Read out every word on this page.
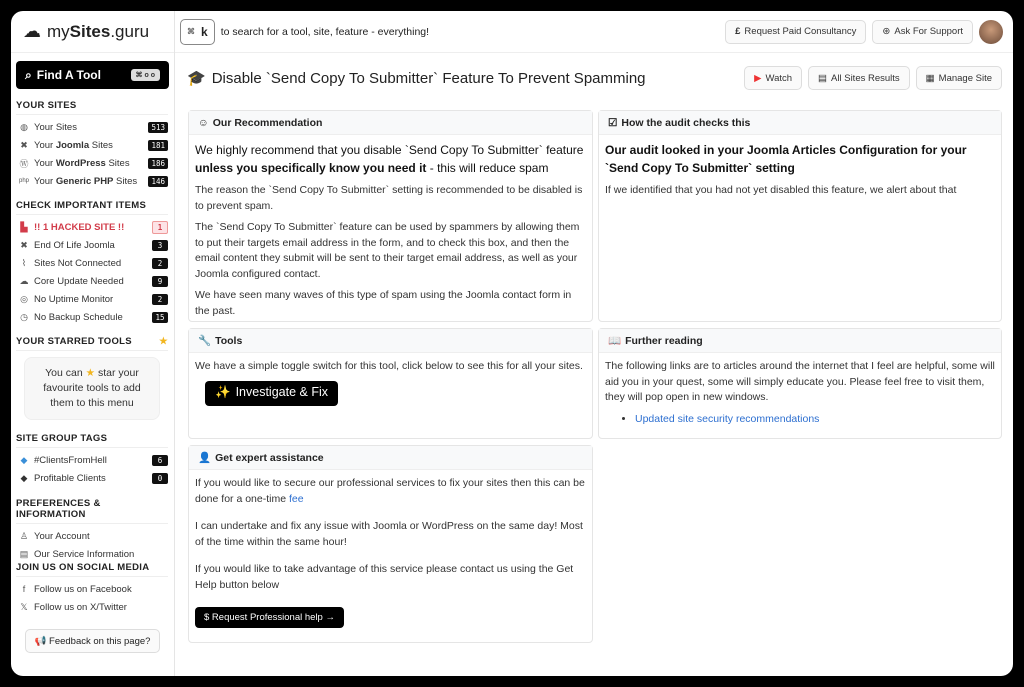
☁ mySites.guru
⌕ Find A Tool	⌘ o o
YOUR SITES
◍ Your Sites	513
✖ Your Joomla Sites	181
Ⓦ Your WordPress Sites	186
php Your Generic PHP Sites	146
CHECK IMPORTANT ITEMS
▙ !! 1 HACKED SITE !!	1
✖ End Of Life Joomla	3
⌇ Sites Not Connected	2
☁ Core Update Needed	9
◎ No Uptime Monitor	2
◷ No Backup Schedule	15
YOUR STARRED TOOLS	★
You can ★ star your favourite tools to add them to this menu
SITE GROUP TAGS
◆ #ClientsFromHell	6
◆ Profitable Clients	0
PREFERENCES & INFORMATION
♙ Your Account
▤ Our Service Information
JOIN US ON SOCIAL MEDIA
f Follow us on Facebook
𝕏 Follow us on X/Twitter
📢
Feedback on this page?
⌘ k to search for a tool, site, feature - everything!	£ Request Paid Consultancy	⊛ Ask For Support
🎓 Disable `Send Copy To Submitter` Feature To Prevent Spamming	▶ Watch	▤ All Sites Results	▦ Manage Site
☺ Our Recommendation

We highly recommend that you disable `Send Copy To Submitter` feature unless you specifically know you need it - this will reduce spam

The reason the `Send Copy To Submitter` setting is recommended to be disabled is to prevent spam.

The `Send Copy To Submitter` feature can be used by spammers by allowing them to put their targets email address in the form, and to check this box, and then the email content they submit will be sent to their target email address, as well as your Joomla configured contact.

We have seen many waves of this type of spam using the Joomla contact form in the past.

☑ How the audit checks this

Our audit looked in your Joomla Articles Configuration for your `Send Copy To Submitter` setting

If we identified that you had not yet disabled this feature, we alert about that

🔧 Tools

We have a simple toggle switch for this tool, click below to see this for all your sites.

✨ Investigate & Fix
📖 Further reading

The following links are to articles around the internet that I feel are helpful, some will aid you in your quest, some will simply educate you. Please feel free to visit them, they will pop open in new windows.

• Updated site security recommendations
👤 Get expert assistance

If you would like to secure our professional services to fix your sites then this can be done for a one-time fee

I can undertake and fix any issue with Joomla or WordPress on the same day! Most of the time within the same hour!

If you would like to take advantage of this service please contact us using the Get Help button below

$ Request Professional help →
